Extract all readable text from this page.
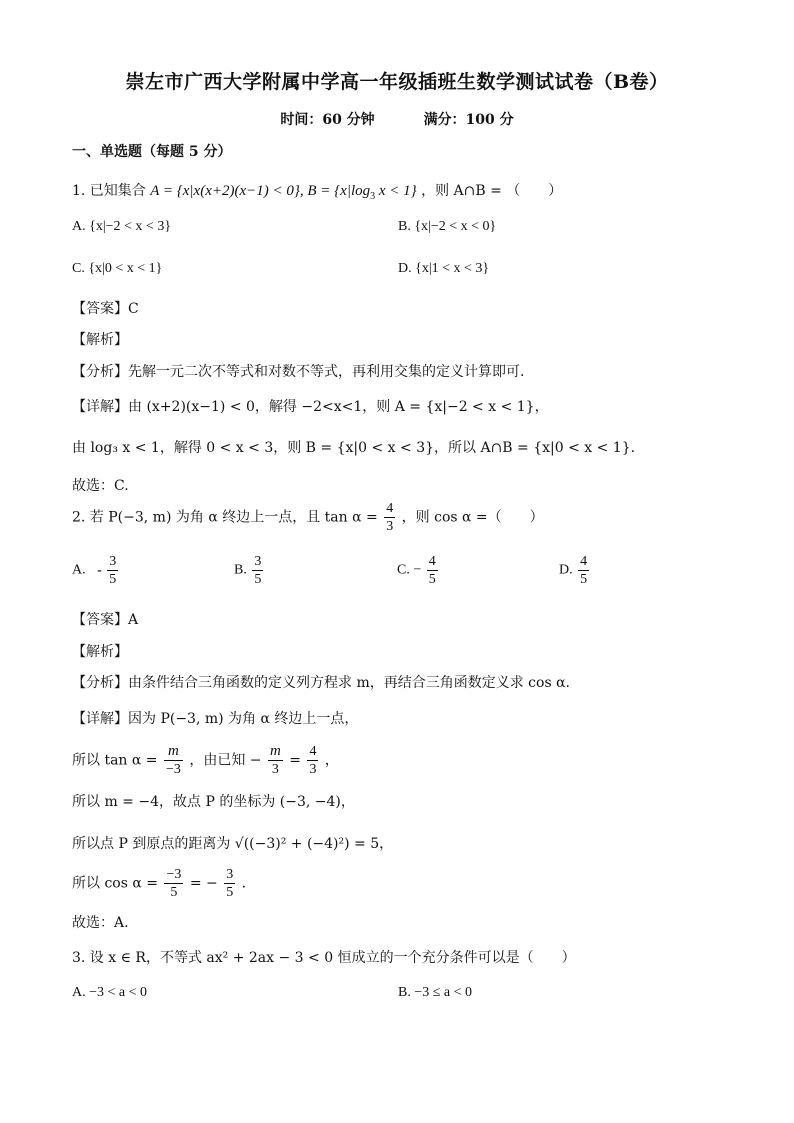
崇左市广西大学附属中学高一年级插班生数学测试试卷（B卷）
时间：60 分钟	满分：100 分
一、单选题（每题 5 分）
1. 已知集合 A = {x|x(x+2)(x−1) < 0}, $B = \{x|\log_3$ x < 1} ，则 A∩B = （　　）
A. {x|−2 < x < 3}	B. {x|−2 < x < 0}
C. {x|0 < x < 1}	D. {x|1 < x < 3}
【答案】C
【解析】
【分析】先解一元二次不等式和对数不等式，再利用交集的定义计算即可.
【详解】由 (x+2)(x−1) < 0，解得 −2<x<1，则 A = {x|−2 < x < 1}，
由 log₃ x < 1，解得 0 < x < 3，则 B = {x|0 < x < 3}，所以 A∩B = {x|0 < x < 1}.
故选：C.
2. 若 P(−3, m) 为角 α 终边上一点，且 $\tan \alpha = \frac{4}{3}$ ，则 cos α =（　　）
A. - $\frac{3}{5}$	B. $\frac{3}{5}$	C. − $\frac{4}{5}$	D. $\frac{4}{5}$
【答案】A
【解析】
【分析】由条件结合三角函数的定义列方程求 m，再结合三角函数定义求 cos α.
【详解】因为 P(−3, m) 为角 α 终边上一点，
所以 $\tan \alpha = \frac{m}{-3}$ ，由已知 − $\frac{m}{3} = \frac{4}{3}$ ，
所以 m = −4，故点 P 的坐标为 (−3, −4)，
所以点 P 到原点的距离为 √((−3)² + (−4)²) = 5，
所以 $\cos \alpha = \frac{-3}{5}$ = − $\frac{3}{5}$ .
故选：A.
3. 设 x ∈ R，不等式 ax² + 2ax − 3 < 0 恒成立的一个充分条件可以是（　　）
A. −3 < a < 0	B. −3 ≤ a < 0
